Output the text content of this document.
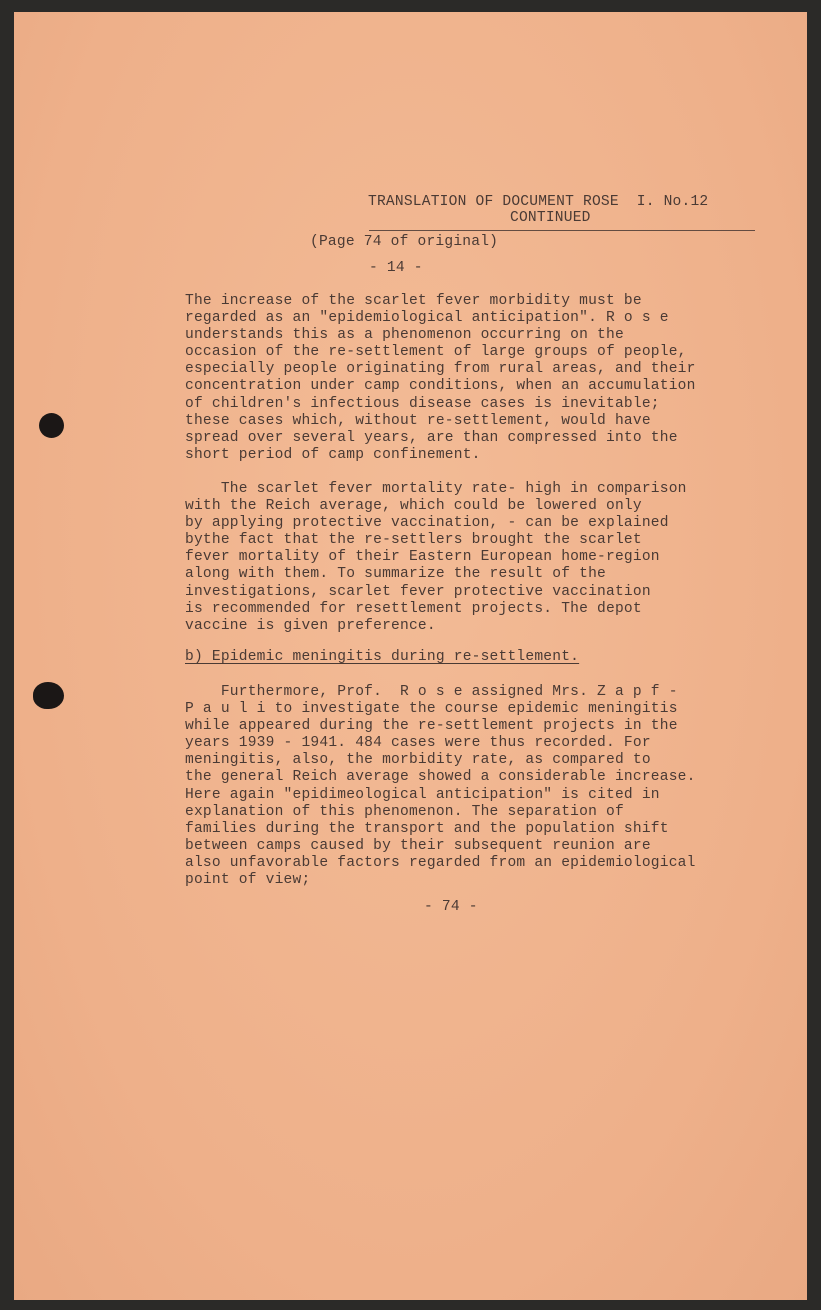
TRANSLATION OF DOCUMENT ROSE  I. No.12
CONTINUED
(Page 74 of original)
- 14 -
The increase of the scarlet fever morbidity must be
regarded as an "epidemiological anticipation". R o s e
understands this as a phenomenon occurring on the
occasion of the re-settlement of large groups of people,
especially people originating from rural areas, and their
concentration under camp conditions, when an accumulation
of children's infectious disease cases is inevitable;
these cases which, without re-settlement, would have
spread over several years, are than compressed into the
short period of camp confinement.
The scarlet fever mortality rate- high in comparison
with the Reich average, which could be lowered only
by applying protective vaccination, - can be explained
bythe fact that the re-settlers brought the scarlet
fever mortality of their Eastern European home-region
along with them. To summarize the result of the
investigations, scarlet fever protective vaccination
is recommended for resettlement projects. The depot
vaccine is given preference.
b) Epidemic meningitis during re-settlement.
Furthermore, Prof.  R o s e assigned Mrs. Z a p f -
P a u l i to investigate the course epidemic meningitis
while appeared during the re-settlement projects in the
years 1939 - 1941. 484 cases were thus recorded. For
meningitis, also, the morbidity rate, as compared to
the general Reich average showed a considerable increase.
Here again "epidimeological anticipation" is cited in
explanation of this phenomenon. The separation of
families during the transport and the population shift
between camps caused by their subsequent reunion are
also unfavorable factors regarded from an epidemiological
point of view;
- 74 -
